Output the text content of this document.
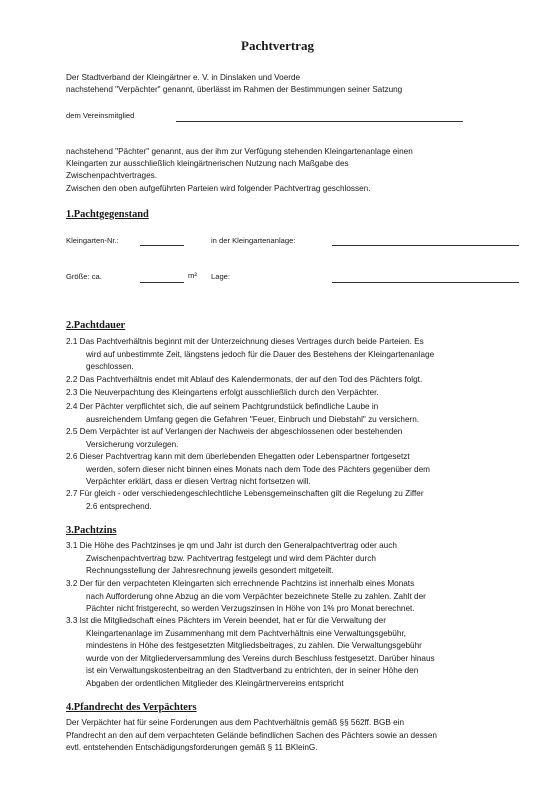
Pachtvertrag
Der Stadtverband der Kleingärtner e. V. in Dinslaken und Voerde
nachstehend "Verpächter" genannt, überlässt im Rahmen der Bestimmungen seiner Satzung
dem Vereinsmitglied
nachstehend "Pächter" genannt, aus der ihm zur Verfügung stehenden Kleingartenanlage einen
Kleingarten zur ausschließlich kleingärtnerischen Nutzung nach Maßgabe des
Zwischenpachtvertrages.
Zwischen den oben aufgeführten Parteien wird folgender Pachtvertrag geschlossen.
1.Pachtgegenstand
Kleingarten-Nr.:	in der Kleingartenanlage:
Größe: ca.	m² Lage:
2.Pachtdauer
2.1 Das Pachtverhältnis beginnt mit der Unterzeichnung dieses Vertrages durch beide Parteien. Es
wird auf unbestimmte Zeit, längstens jedoch für die Dauer des Bestehens der Kleingartenanlage
geschlossen.
2.2 Das Pachtverhältnis endet mit Ablauf des Kalendermonats, der auf den Tod des Pächters folgt.
2.3 Die Neuverpachtung des Kleingartens erfolgt ausschließlich durch den Verpächter.
2.4 Der Pächter verpflichtet sich, die auf seinem Pachtgrundstück befindliche Laube in
ausreichendem Umfang gegen die Gefahren "Feuer, Einbruch und Diebstahl" zu versichern.
2.5 Dem Verpächter ist auf Verlangen der Nachweis der abgeschlossenen oder bestehenden
Versicherung vorzulegen.
2.6 Dieser Pachtvertrag kann mit dem überlebenden Ehegatten oder Lebenspartner fortgesetzt
werden, sofern dieser nicht binnen eines Monats nach dem Tode des Pächters gegenüber dem
Verpächter erklärt, dass er diesen Vertrag nicht fortsetzen will.
2.7 Für gleich - oder verschiedengeschlechtliche Lebensgemeinschaften gilt die Regelung zu Ziffer
2.6 entsprechend.
3.Pachtzins
3.1 Die Höhe des Pachtzinses je qm und Jahr ist durch den Generalpachtvertrag oder auch
Zwischenpachtvertrag bzw. Pachtvertrag festgelegt und wird dem Pächter durch
Rechnungsstellung der Jahresrechnung jeweils gesondert mitgeteilt.
3.2 Der für den verpachteten Kleingarten sich errechnende Pachtzins ist innerhalb eines Monats
nach Aufforderung ohne Abzug an die vom Verpächter bezeichnete Stelle zu zahlen. Zahlt der
Pächter nicht fristgerecht, so werden Verzugszinsen in Höhe von 1% pro Monat berechnet.
3.3 Ist die Mitgliedschaft eines Pächters im Verein beendet, hat er für die Verwaltung der
Kleingartenanlage im Zusammenhang mit dem Pachtverhältnis eine Verwaltungsgebühr,
mindestens in Höhe des festgesetzten Mitgliedsbeitrages, zu zahlen. Die Verwaltungsgebühr
wurde von der Mitgliederversammlung des Vereins durch Beschluss festgesetzt. Darüber hinaus
ist ein Verwaltungskostenbeitrag an den Stadtverband zu entrichten, der in seiner Höhe den
Abgaben der ordentlichen Mitglieder des Kleingärtnervereins entspricht
4.Pfandrecht des Verpächters
Der Verpächter hat für seine Forderungen aus dem Pachtverhältnis gemäß §§ 562ff. BGB ein
Pfandrecht an den auf dem verpachteten Gelände befindlichen Sachen des Pächters sowie an dessen
evtl. entstehenden Entschädigungsforderungen gemäß § 11 BKleinG.
